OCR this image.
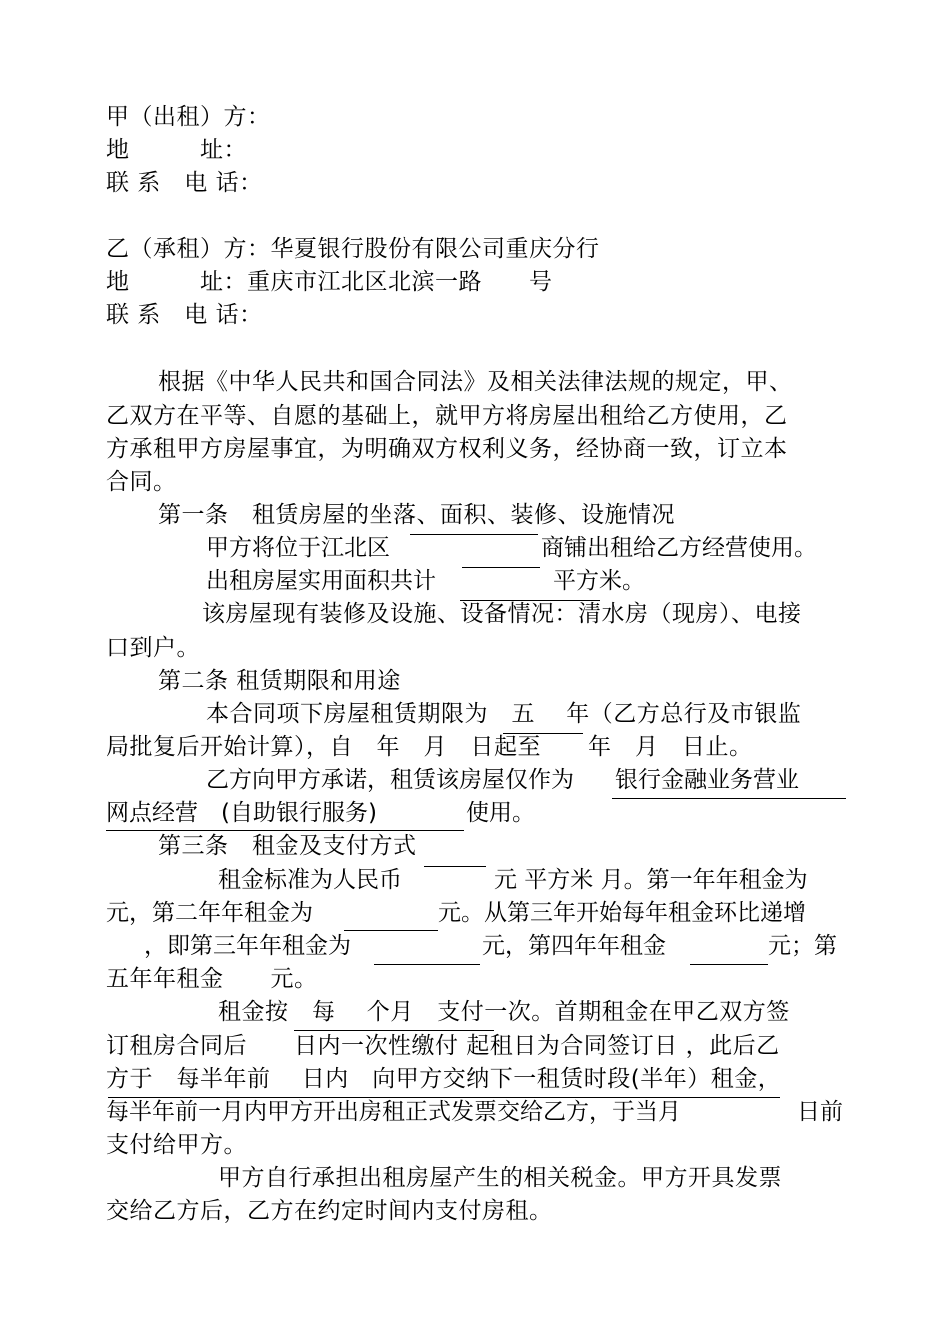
甲（出租）方：
地　　　址：
联 系　电 话：
乙（承租）方：华夏银行股份有限公司重庆分行
地　　　址：重庆市江北区北滨一路　　号
联 系　电 话：
根据《中华人民共和国合同法》及相关法律法规的规定，甲、
乙双方在平等、自愿的基础上，就甲方将房屋出租给乙方使用，乙
方承租甲方房屋事宜，为明确双方权利义务，经协商一致，订立本
合同。
第一条　租赁房屋的坐落、面积、装修、设施情况
甲方将位于江北区	商铺出租给乙方经营使用。
出租房屋实用面积共计	平方米。
该房屋现有装修及设施、设备情况：清水房（现房）、电接
口到户。
第二条 租赁期限和用途
本合同项下房屋租赁期限为　五　 年（乙方总行及市银监
局批复后开始计算），自　年　月　日起至　　年　月　日止。
乙方向甲方承诺，租赁该房屋仅作为 银行金融业务营业
网点经营　(自助银行服务)	使用。
第三条　租金及支付方式
租金标准为人民币	元 平方米 月。第一年年租金为
元，第二年年租金为	元。从第三年开始每年租金环比递增
，即第三年年租金为	元，第四年年租金	元；第
五年年租金　　元。
租金按　每　 个月　支付一次。首期租金在甲乙双方签
订租房合同后　　日内一次性缴付 起租日为合同签订日 ，此后乙
方于　每半年前　 日内　向甲方交纳下一租赁时段(半年）租金，
每半年前一月内甲方开出房租正式发票交给乙方，于当月	日前
支付给甲方。
甲方自行承担出租房屋产生的相关税金。甲方开具发票
交给乙方后，乙方在约定时间内支付房租。
